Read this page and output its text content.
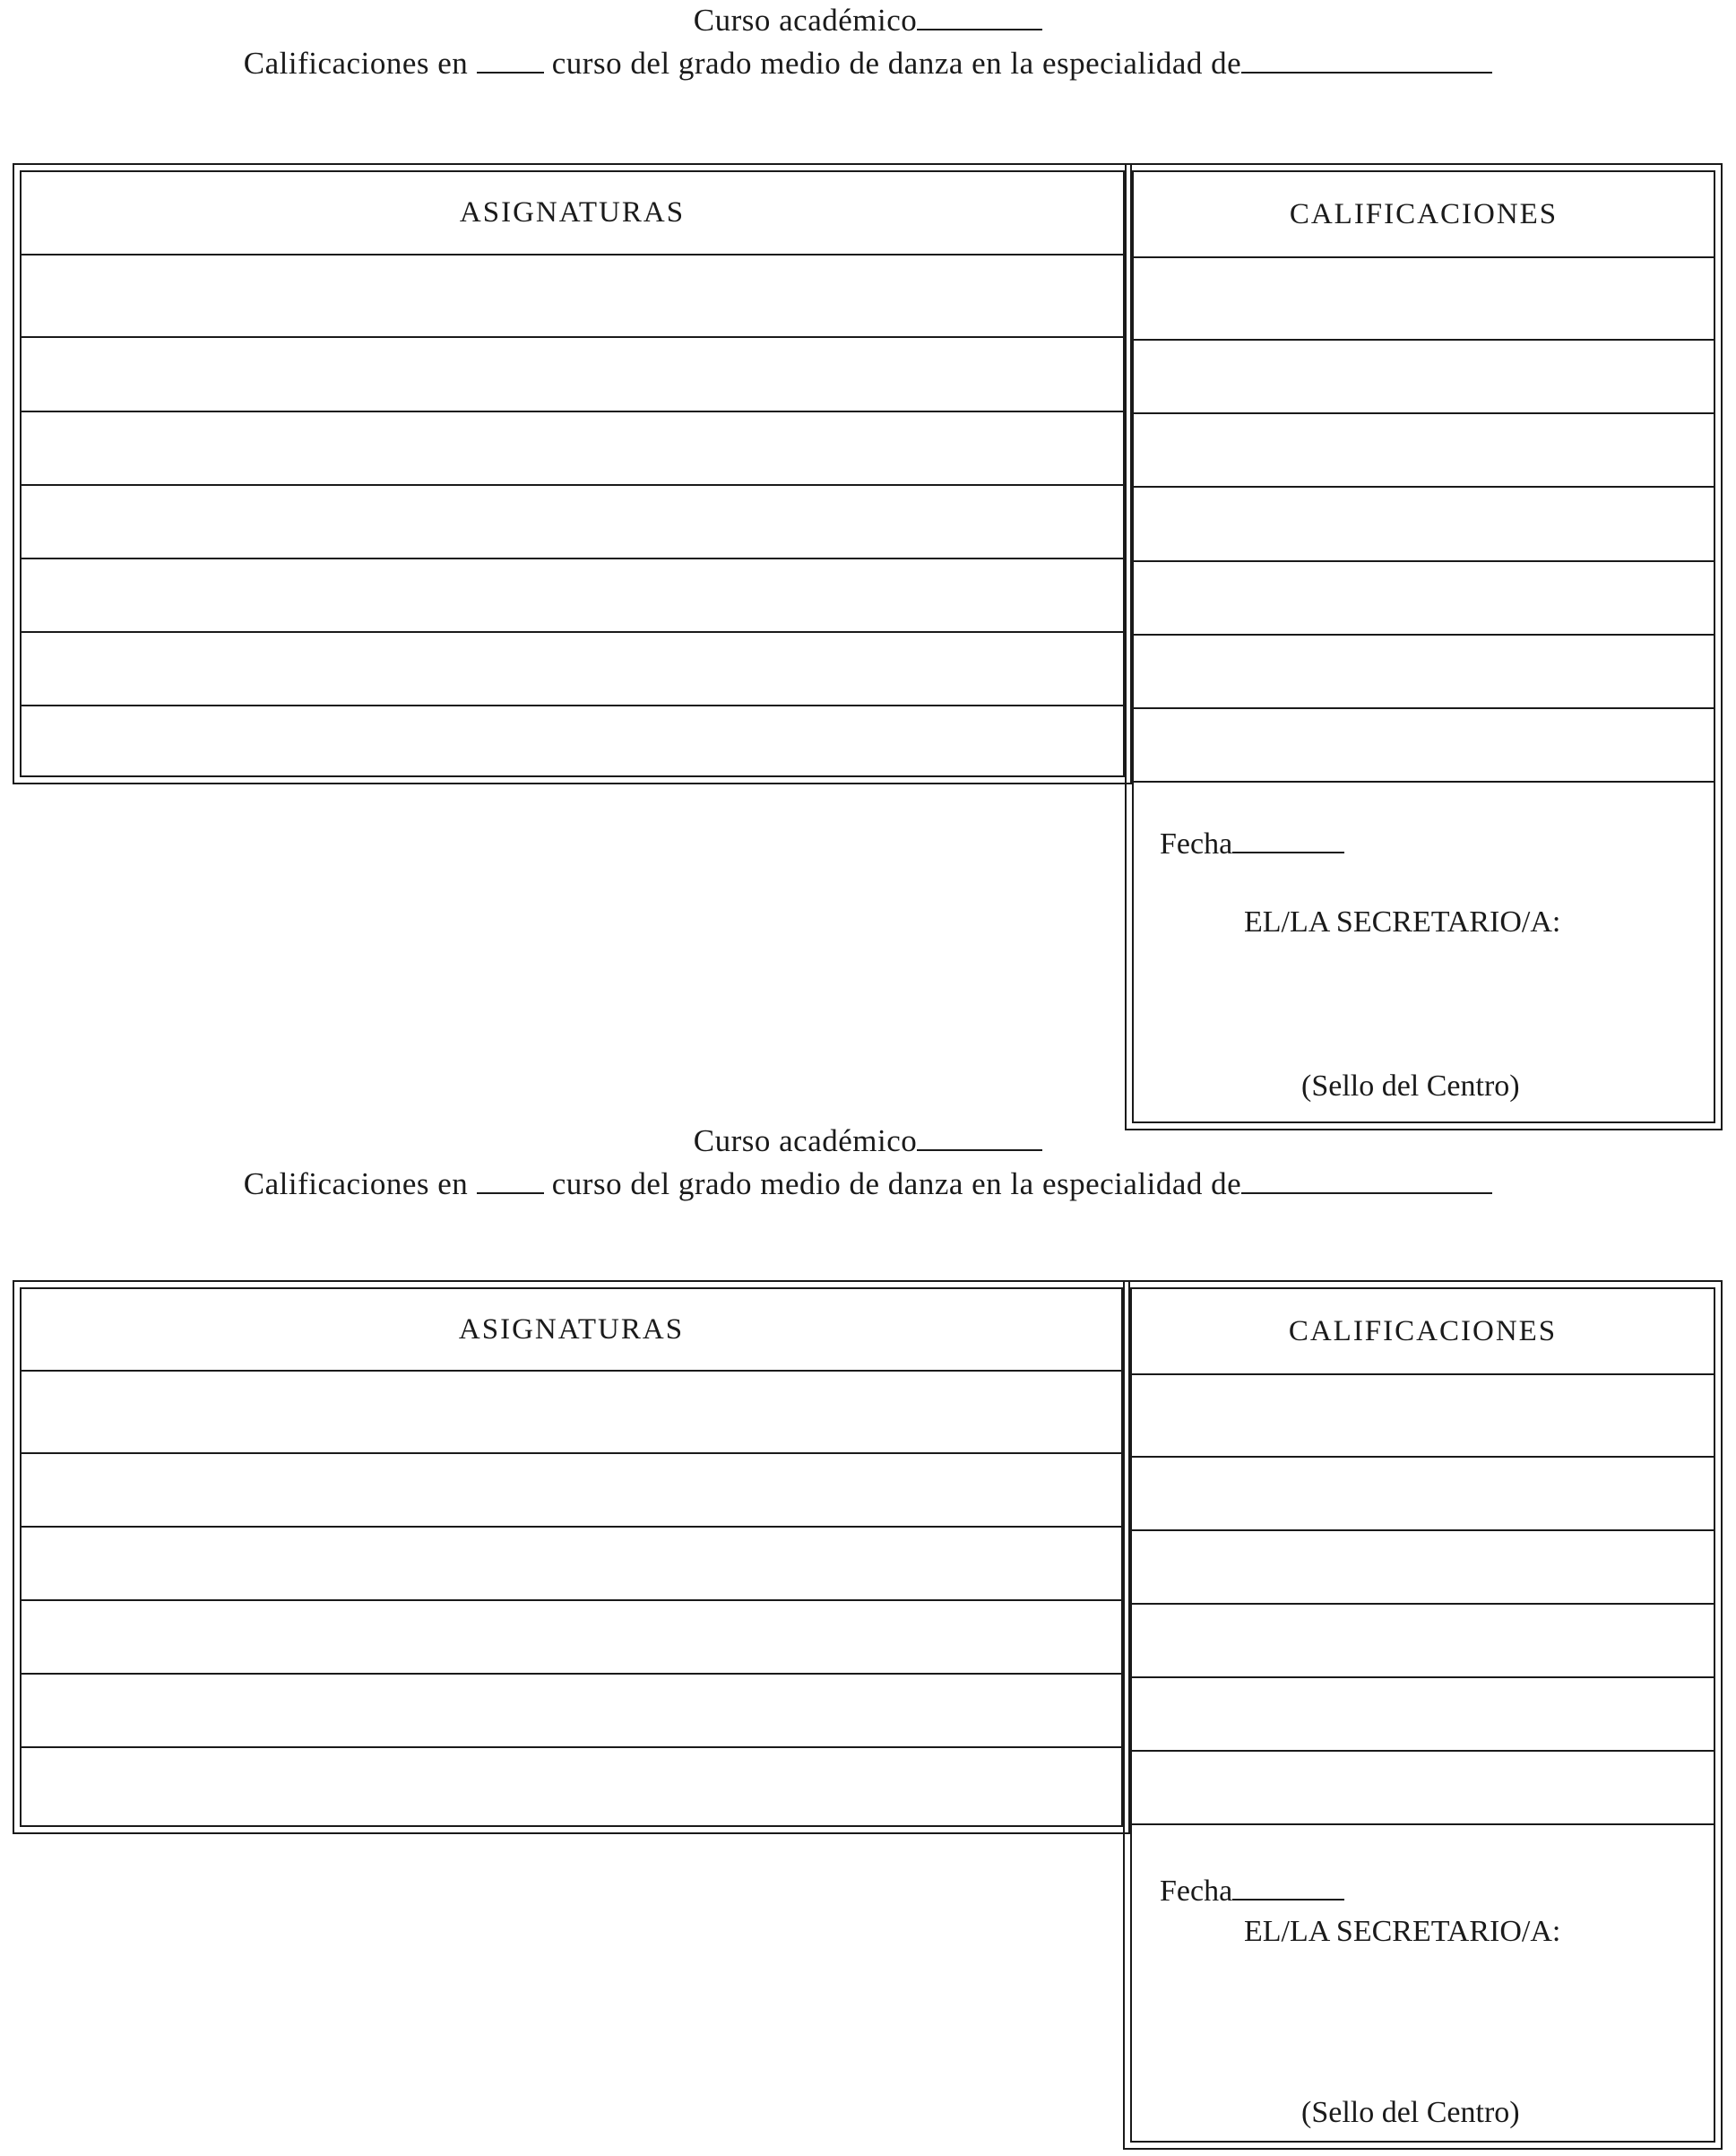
Curso académico
Calificaciones en	curso del grado medio de danza en la especialidad de
ASIGNATURAS	CALIFICACIONES
Fecha
EL/LA SECRETARIO/A:
(Sello del Centro)
Curso académico
Calificaciones en	curso del grado medio de danza en la especialidad de
ASIGNATURAS	CALIFICACIONES
Fecha
EL/LA SECRETARIO/A:
(Sello del Centro)
